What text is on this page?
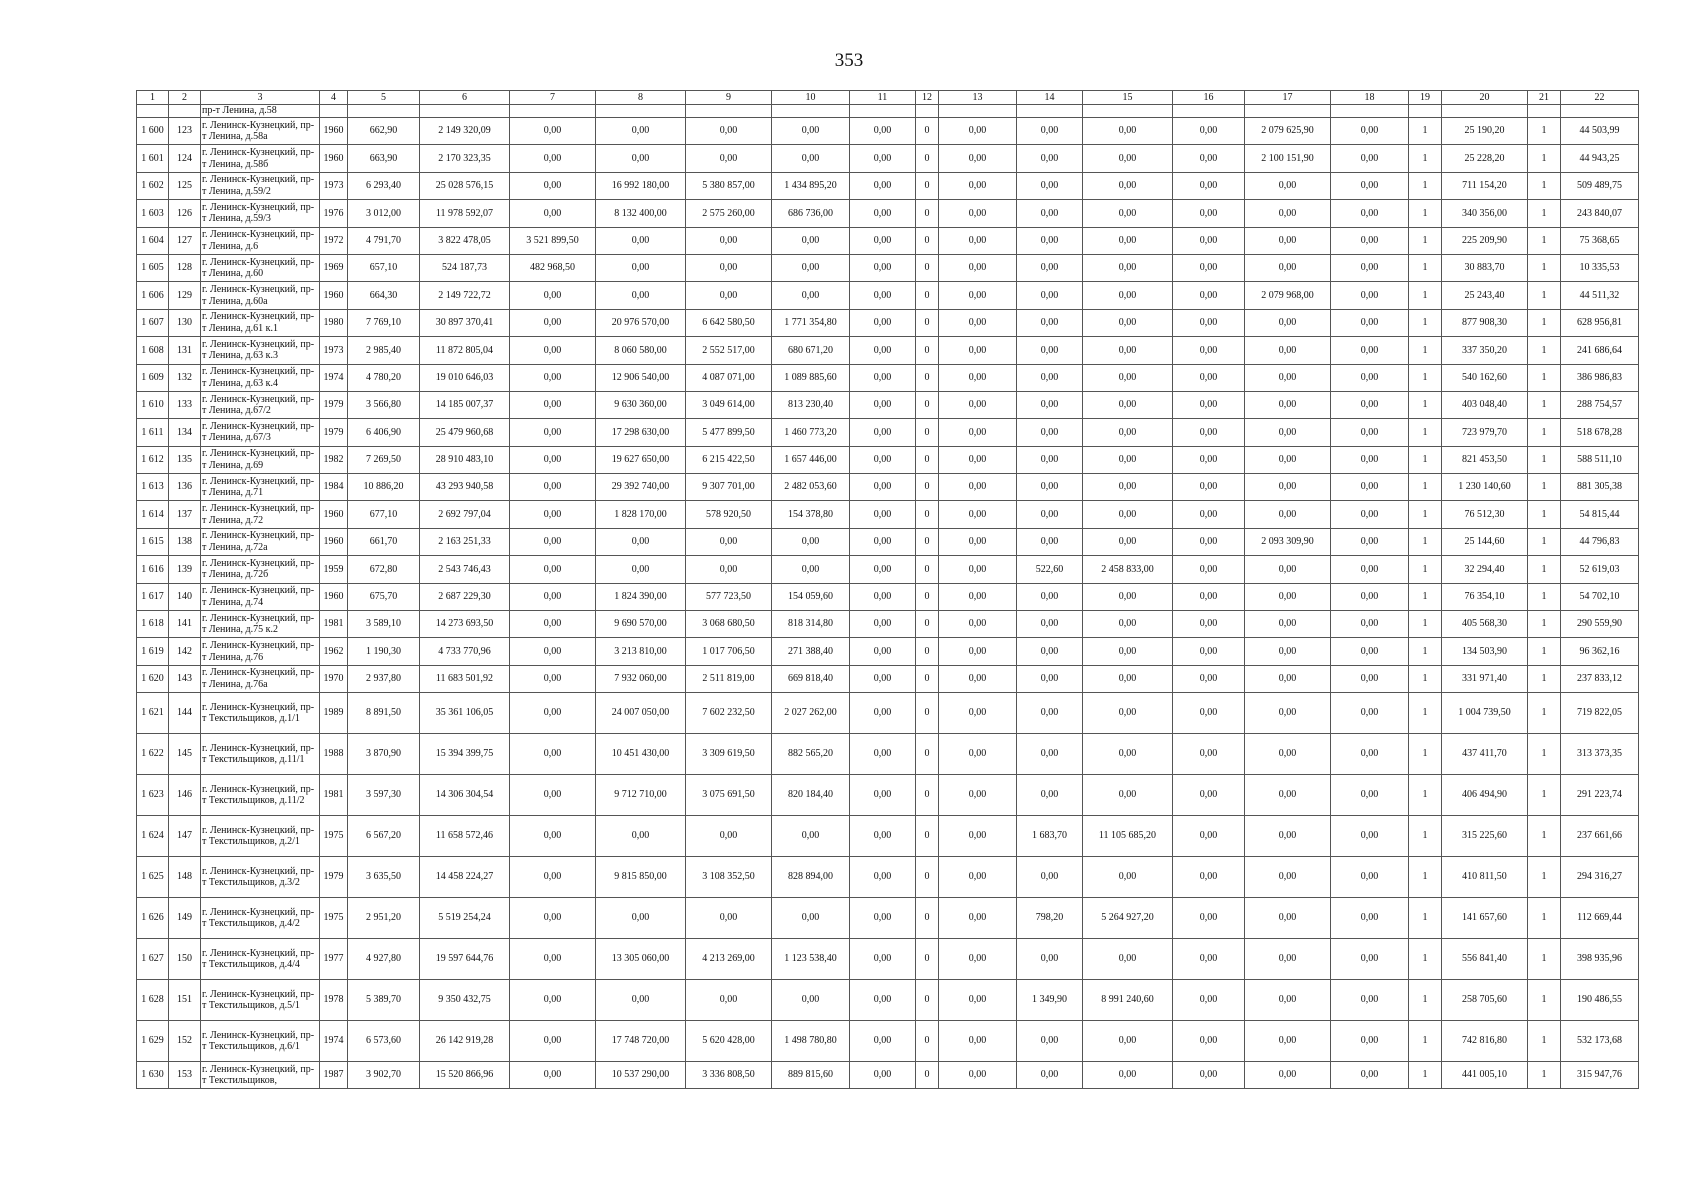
353
1	2	3	4	5	6	7	8	9	10	11	12	13	14	15	16	17	18	19	20	21	22
		пр-т Ленина, д.58																			
1 600	123	г. Ленинск-Кузнецкий, пр-т Ленина, д.58а	1960	662,90	2 149 320,09	0,00	0,00	0,00	0,00	0,00	0	0,00	0,00	0,00	0,00	2 079 625,90	0,00	1	25 190,20	1	44 503,99
1 601	124	г. Ленинск-Кузнецкий, пр-т Ленина, д.58б	1960	663,90	2 170 323,35	0,00	0,00	0,00	0,00	0,00	0	0,00	0,00	0,00	0,00	2 100 151,90	0,00	1	25 228,20	1	44 943,25
1 602	125	г. Ленинск-Кузнецкий, пр-т Ленина, д.59/2	1973	6 293,40	25 028 576,15	0,00	16 992 180,00	5 380 857,00	1 434 895,20	0,00	0	0,00	0,00	0,00	0,00	0,00	0,00	1	711 154,20	1	509 489,75
1 603	126	г. Ленинск-Кузнецкий, пр-т Ленина, д.59/3	1976	3 012,00	11 978 592,07	0,00	8 132 400,00	2 575 260,00	686 736,00	0,00	0	0,00	0,00	0,00	0,00	0,00	0,00	1	340 356,00	1	243 840,07
1 604	127	г. Ленинск-Кузнецкий, пр-т Ленина, д.6	1972	4 791,70	3 822 478,05	3 521 899,50	0,00	0,00	0,00	0,00	0	0,00	0,00	0,00	0,00	0,00	0,00	1	225 209,90	1	75 368,65
1 605	128	г. Ленинск-Кузнецкий, пр-т Ленина, д.60	1969	657,10	524 187,73	482 968,50	0,00	0,00	0,00	0,00	0	0,00	0,00	0,00	0,00	0,00	0,00	1	30 883,70	1	10 335,53
1 606	129	г. Ленинск-Кузнецкий, пр-т Ленина, д.60а	1960	664,30	2 149 722,72	0,00	0,00	0,00	0,00	0,00	0	0,00	0,00	0,00	0,00	2 079 968,00	0,00	1	25 243,40	1	44 511,32
1 607	130	г. Ленинск-Кузнецкий, пр-т Ленина, д.61 к.1	1980	7 769,10	30 897 370,41	0,00	20 976 570,00	6 642 580,50	1 771 354,80	0,00	0	0,00	0,00	0,00	0,00	0,00	0,00	1	877 908,30	1	628 956,81
1 608	131	г. Ленинск-Кузнецкий, пр-т Ленина, д.63 к.3	1973	2 985,40	11 872 805,04	0,00	8 060 580,00	2 552 517,00	680 671,20	0,00	0	0,00	0,00	0,00	0,00	0,00	0,00	1	337 350,20	1	241 686,64
1 609	132	г. Ленинск-Кузнецкий, пр-т Ленина, д.63 к.4	1974	4 780,20	19 010 646,03	0,00	12 906 540,00	4 087 071,00	1 089 885,60	0,00	0	0,00	0,00	0,00	0,00	0,00	0,00	1	540 162,60	1	386 986,83
1 610	133	г. Ленинск-Кузнецкий, пр-т Ленина, д.67/2	1979	3 566,80	14 185 007,37	0,00	9 630 360,00	3 049 614,00	813 230,40	0,00	0	0,00	0,00	0,00	0,00	0,00	0,00	1	403 048,40	1	288 754,57
1 611	134	г. Ленинск-Кузнецкий, пр-т Ленина, д.67/3	1979	6 406,90	25 479 960,68	0,00	17 298 630,00	5 477 899,50	1 460 773,20	0,00	0	0,00	0,00	0,00	0,00	0,00	0,00	1	723 979,70	1	518 678,28
1 612	135	г. Ленинск-Кузнецкий, пр-т Ленина, д.69	1982	7 269,50	28 910 483,10	0,00	19 627 650,00	6 215 422,50	1 657 446,00	0,00	0	0,00	0,00	0,00	0,00	0,00	0,00	1	821 453,50	1	588 511,10
1 613	136	г. Ленинск-Кузнецкий, пр-т Ленина, д.71	1984	10 886,20	43 293 940,58	0,00	29 392 740,00	9 307 701,00	2 482 053,60	0,00	0	0,00	0,00	0,00	0,00	0,00	0,00	1	1 230 140,60	1	881 305,38
1 614	137	г. Ленинск-Кузнецкий, пр-т Ленина, д.72	1960	677,10	2 692 797,04	0,00	1 828 170,00	578 920,50	154 378,80	0,00	0	0,00	0,00	0,00	0,00	0,00	0,00	1	76 512,30	1	54 815,44
1 615	138	г. Ленинск-Кузнецкий, пр-т Ленина, д.72а	1960	661,70	2 163 251,33	0,00	0,00	0,00	0,00	0,00	0	0,00	0,00	0,00	0,00	2 093 309,90	0,00	1	25 144,60	1	44 796,83
1 616	139	г. Ленинск-Кузнецкий, пр-т Ленина, д.72б	1959	672,80	2 543 746,43	0,00	0,00	0,00	0,00	0,00	0	0,00	522,60	2 458 833,00	0,00	0,00	0,00	1	32 294,40	1	52 619,03
1 617	140	г. Ленинск-Кузнецкий, пр-т Ленина, д.74	1960	675,70	2 687 229,30	0,00	1 824 390,00	577 723,50	154 059,60	0,00	0	0,00	0,00	0,00	0,00	0,00	0,00	1	76 354,10	1	54 702,10
1 618	141	г. Ленинск-Кузнецкий, пр-т Ленина, д.75 к.2	1981	3 589,10	14 273 693,50	0,00	9 690 570,00	3 068 680,50	818 314,80	0,00	0	0,00	0,00	0,00	0,00	0,00	0,00	1	405 568,30	1	290 559,90
1 619	142	г. Ленинск-Кузнецкий, пр-т Ленина, д.76	1962	1 190,30	4 733 770,96	0,00	3 213 810,00	1 017 706,50	271 388,40	0,00	0	0,00	0,00	0,00	0,00	0,00	0,00	1	134 503,90	1	96 362,16
1 620	143	г. Ленинск-Кузнецкий, пр-т Ленина, д.76а	1970	2 937,80	11 683 501,92	0,00	7 932 060,00	2 511 819,00	669 818,40	0,00	0	0,00	0,00	0,00	0,00	0,00	0,00	1	331 971,40	1	237 833,12
1 621	144	г. Ленинск-Кузнецкий, пр-т Текстильщиков, д.1/1	1989	8 891,50	35 361 106,05	0,00	24 007 050,00	7 602 232,50	2 027 262,00	0,00	0	0,00	0,00	0,00	0,00	0,00	0,00	1	1 004 739,50	1	719 822,05
1 622	145	г. Ленинск-Кузнецкий, пр-т Текстильщиков, д.11/1	1988	3 870,90	15 394 399,75	0,00	10 451 430,00	3 309 619,50	882 565,20	0,00	0	0,00	0,00	0,00	0,00	0,00	0,00	1	437 411,70	1	313 373,35
1 623	146	г. Ленинск-Кузнецкий, пр-т Текстильщиков, д.11/2	1981	3 597,30	14 306 304,54	0,00	9 712 710,00	3 075 691,50	820 184,40	0,00	0	0,00	0,00	0,00	0,00	0,00	0,00	1	406 494,90	1	291 223,74
1 624	147	г. Ленинск-Кузнецкий, пр-т Текстильщиков, д.2/1	1975	6 567,20	11 658 572,46	0,00	0,00	0,00	0,00	0,00	0	0,00	1 683,70	11 105 685,20	0,00	0,00	0,00	1	315 225,60	1	237 661,66
1 625	148	г. Ленинск-Кузнецкий, пр-т Текстильщиков, д.3/2	1979	3 635,50	14 458 224,27	0,00	9 815 850,00	3 108 352,50	828 894,00	0,00	0	0,00	0,00	0,00	0,00	0,00	0,00	1	410 811,50	1	294 316,27
1 626	149	г. Ленинск-Кузнецкий, пр-т Текстильщиков, д.4/2	1975	2 951,20	5 519 254,24	0,00	0,00	0,00	0,00	0,00	0	0,00	798,20	5 264 927,20	0,00	0,00	0,00	1	141 657,60	1	112 669,44
1 627	150	г. Ленинск-Кузнецкий, пр-т Текстильщиков, д.4/4	1977	4 927,80	19 597 644,76	0,00	13 305 060,00	4 213 269,00	1 123 538,40	0,00	0	0,00	0,00	0,00	0,00	0,00	0,00	1	556 841,40	1	398 935,96
1 628	151	г. Ленинск-Кузнецкий, пр-т Текстильщиков, д.5/1	1978	5 389,70	9 350 432,75	0,00	0,00	0,00	0,00	0,00	0	0,00	1 349,90	8 991 240,60	0,00	0,00	0,00	1	258 705,60	1	190 486,55
1 629	152	г. Ленинск-Кузнецкий, пр-т Текстильщиков, д.6/1	1974	6 573,60	26 142 919,28	0,00	17 748 720,00	5 620 428,00	1 498 780,80	0,00	0	0,00	0,00	0,00	0,00	0,00	0,00	1	742 816,80	1	532 173,68
1 630	153	г. Ленинск-Кузнецкий, пр-т Текстильщиков,	1987	3 902,70	15 520 866,96	0,00	10 537 290,00	3 336 808,50	889 815,60	0,00	0	0,00	0,00	0,00	0,00	0,00	0,00	1	441 005,10	1	315 947,76
